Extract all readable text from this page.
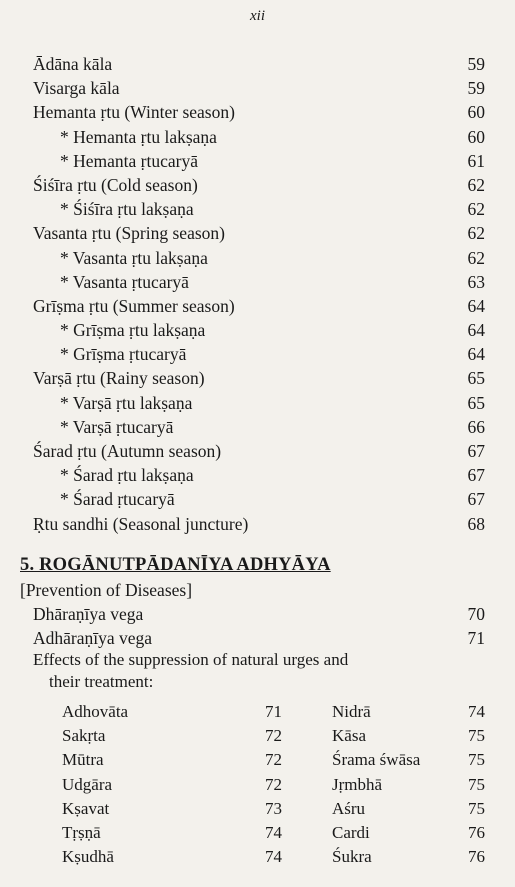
xii
Ādāna kāla	59
Visarga kāla	59
Hemanta ṛtu (Winter season)	60
* Hemanta ṛtu lakṣaṇa	60
* Hemanta ṛtucaryā	61
Śiśīra ṛtu (Cold season)	62
* Śiśīra ṛtu lakṣaṇa	62
Vasanta ṛtu (Spring season)	62
* Vasanta ṛtu lakṣaṇa	62
* Vasanta ṛtucaryā	63
Grīṣma ṛtu (Summer season)	64
* Grīṣma ṛtu lakṣaṇa	64
* Grīṣma ṛtucaryā	64
Varṣā ṛtu (Rainy season)	65
* Varṣā ṛtu lakṣaṇa	65
* Varṣā ṛtucaryā	66
Śarad ṛtu (Autumn season)	67
* Śarad ṛtu lakṣaṇa	67
* Śarad ṛtucaryā	67
Ṛtu sandhi (Seasonal juncture)	68
5. ROGĀNUTPĀDANĪYA ADHYĀYA
[Prevention of Diseases]
Dhāraṇīya vega	70
Adhāraṇīya vega	71
Effects of the suppression of natural urges and
their treatment:
Adhovāta	71	Nidrā	74
Sakṛta	72	Kāsa	75
Mūtra	72	Śrama śwāsa	75
Udgāra	72	Jṛmbhā	75
Kṣavat	73	Aśru	75
Tṛṣṇā	74	Cardi	76
Kṣudhā	74	Śukra	76
